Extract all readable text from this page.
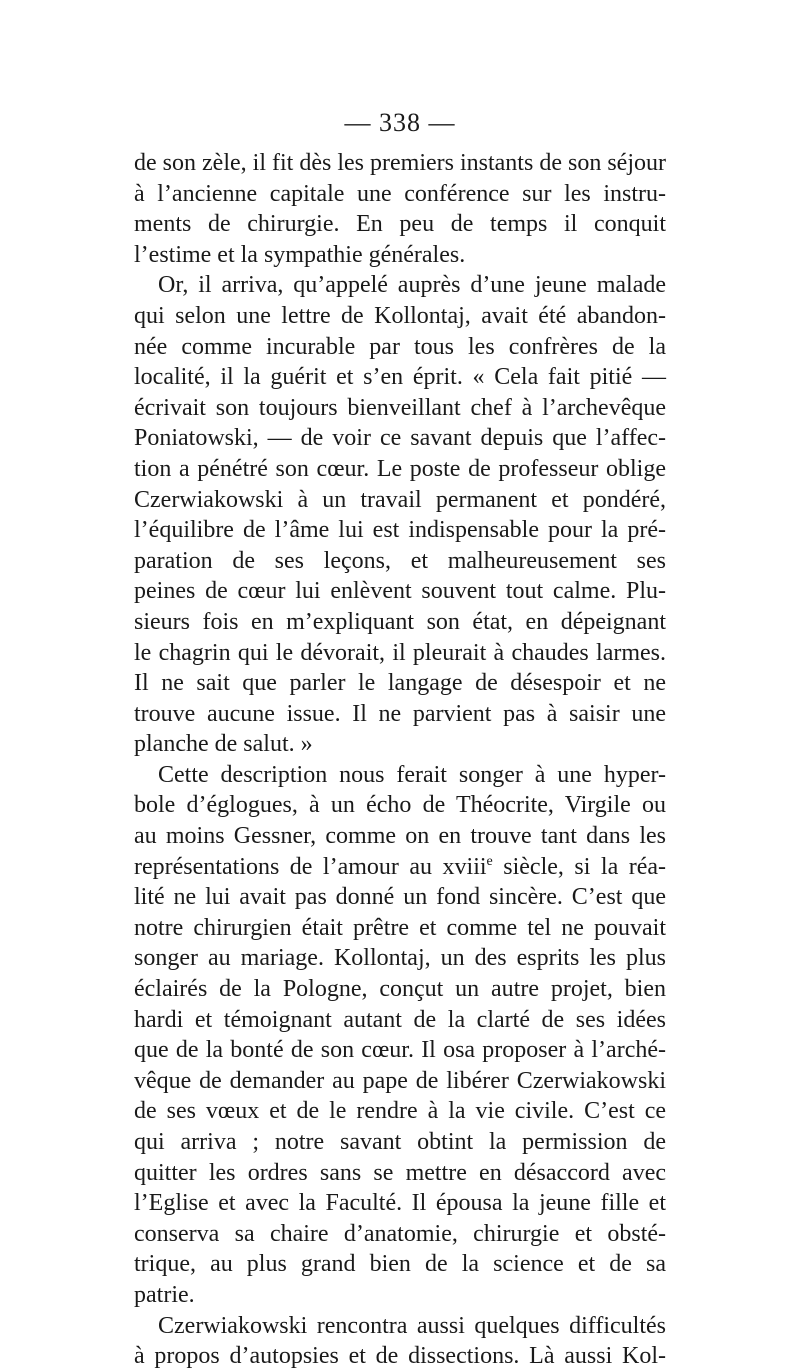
— 338 —
de son zèle, il fit dès les premiers instants de son séjour
à l’ancienne capitale une conférence sur les instru-
ments de chirurgie. En peu de temps il conquit
l’estime et la sympathie générales.
Or, il arriva, qu’appelé auprès d’une jeune malade
qui selon une lettre de Kollontaj, avait été abandon-
née comme incurable par tous les confrères de la
localité, il la guérit et s’en éprit. « Cela fait pitié —
écrivait son toujours bienveillant chef à l’archevêque
Poniatowski, — de voir ce savant depuis que l’affec-
tion a pénétré son cœur. Le poste de professeur oblige
Czerwiakowski à un travail permanent et pondéré,
l’équilibre de l’âme lui est indispensable pour la pré-
paration de ses leçons, et malheureusement ses
peines de cœur lui enlèvent souvent tout calme. Plu-
sieurs fois en m’expliquant son état, en dépeignant
le chagrin qui le dévorait, il pleurait à chaudes larmes.
Il ne sait que parler le langage de désespoir et ne
trouve aucune issue. Il ne parvient pas à saisir une
planche de salut. »
Cette description nous ferait songer à une hyper-
bole d’églogues, à un écho de Théocrite, Virgile ou
au moins Gessner, comme on en trouve tant dans les
représentations de l’amour au xviii$^e$ siècle, si la réa-
lité ne lui avait pas donné un fond sincère. C’est que
notre chirurgien était prêtre et comme tel ne pouvait
songer au mariage. Kollontaj, un des esprits les plus
éclairés de la Pologne, conçut un autre projet, bien
hardi et témoignant autant de la clarté de ses idées
que de la bonté de son cœur. Il osa proposer à l’arché-
vêque de demander au pape de libérer Czerwiakowski
de ses vœux et de le rendre à la vie civile. C’est ce
qui arriva ; notre savant obtint la permission de
quitter les ordres sans se mettre en désaccord avec
l’Eglise et avec la Faculté. Il épousa la jeune fille et
conserva sa chaire d’anatomie, chirurgie et obsté-
trique, au plus grand bien de la science et de sa
patrie.
Czerwiakowski rencontra aussi quelques difficultés
à propos d’autopsies et de dissections. Là aussi Kol-
